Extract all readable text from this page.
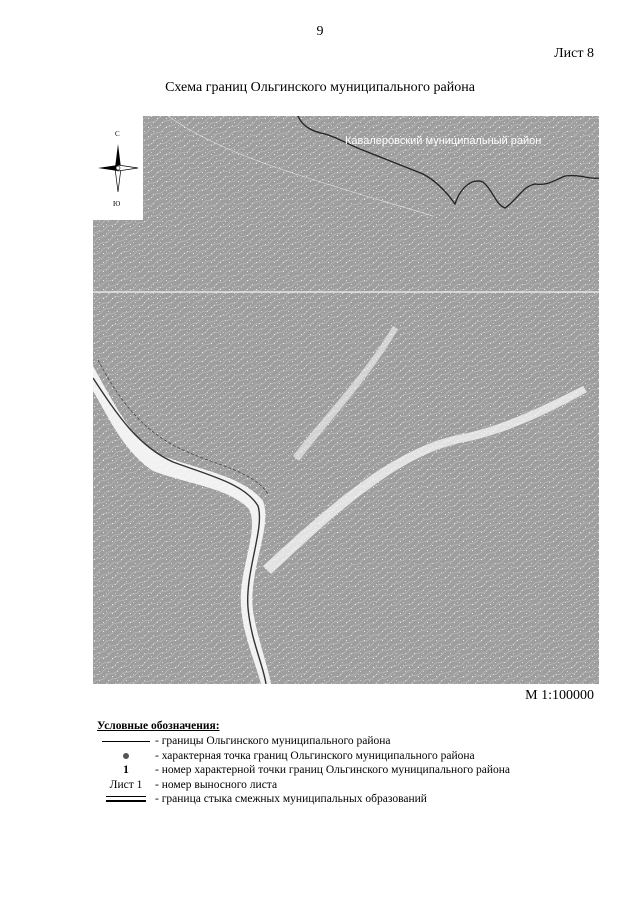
9
Лист 8
Схема границ Ольгинского муниципального района
С
Ю
Кавалеровский муниципальный район
М 1:100000
Условные обозначения:
- границы Ольгинского муниципального района
- характерная точка границ Ольгинского муниципального района
1 - номер характерной точки границ Ольгинского муниципального района
Лист 1 - номер выносного листа
- граница стыка смежных муниципальных образований
